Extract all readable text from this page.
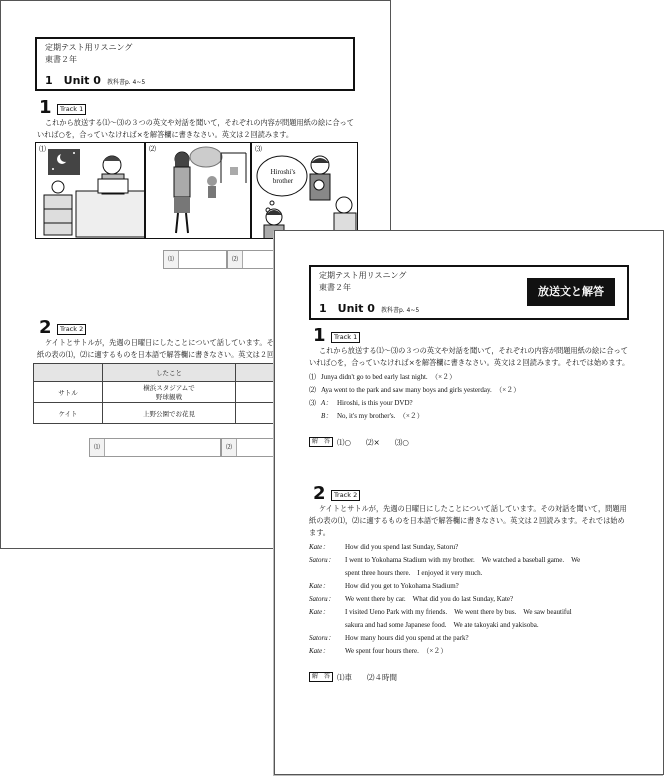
定期テスト用リスニング
東書２年
1　Unit 0 教科書p. 4~5
1	Track 1
これから放送する⑴〜⑶の３つの英文や対話を聞いて，それぞれの内容が問題用紙の絵に合って
いれば○を，合っていなければ×を解答欄に書きなさい。英文は２回読みます。
⑴	⑵	⑶
Hiroshi's
brother
⑴	⑵
2	Track 2
ケイトとサトルが，先週の日曜日にしたことについて話しています。そ
紙の表の⑴，⑵に適するものを日本語で解答欄に書きなさい。英文は２回
	したこと	
サトル	横浜スタジアムで
野球観戦

ケイト	上野公園でお花見	
⑴	⑵
定期テスト用リスニング
東書２年
1　Unit 0 教科書p. 4~5
放送文と解答
1	Track 1
これから放送する⑴〜⑶の３つの英文や対話を聞いて，それぞれの内容が問題用紙の絵に合って
いれば○を，合っていなければ×を解答欄に書きなさい。英文は２回読みます。それでは始めます。
⑴ Junya didn't go to bed early last night.　（×２）
⑵ Aya went to the park and saw many boys and girls yesterday.　（×２）
⑶ A： Hiroshi, is this your DVD?
B： No, it's my brother's.　（×２）
解　答 ⑴○　　⑵×　　⑶○
2	Track 2
ケイトとサトルが，先週の日曜日にしたことについて話しています。その対話を聞いて，問題用
紙の表の⑴，⑵に適するものを日本語で解答欄に書きなさい。英文は２回読みます。それでは始め
ます。
Kate： How did you spend last Sunday, Satoru?
Satoru： I went to Yokohama Stadium with my brother.　We watched a baseball game.　We
spent three hours there.　I enjoyed it very much.
Kate： How did you get to Yokohama Stadium?
Satoru： We went there by car.　What did you do last Sunday, Kate?
Kate： I visited Ueno Park with my friends.　We went there by bus.　We saw beautiful
sakura and had some Japanese food.　We ate takoyaki and yakisoba.
Satoru： How many hours did you spend at the park?
Kate： We spent four hours there.　（×２）
解　答 ⑴車　　⑵４時間
